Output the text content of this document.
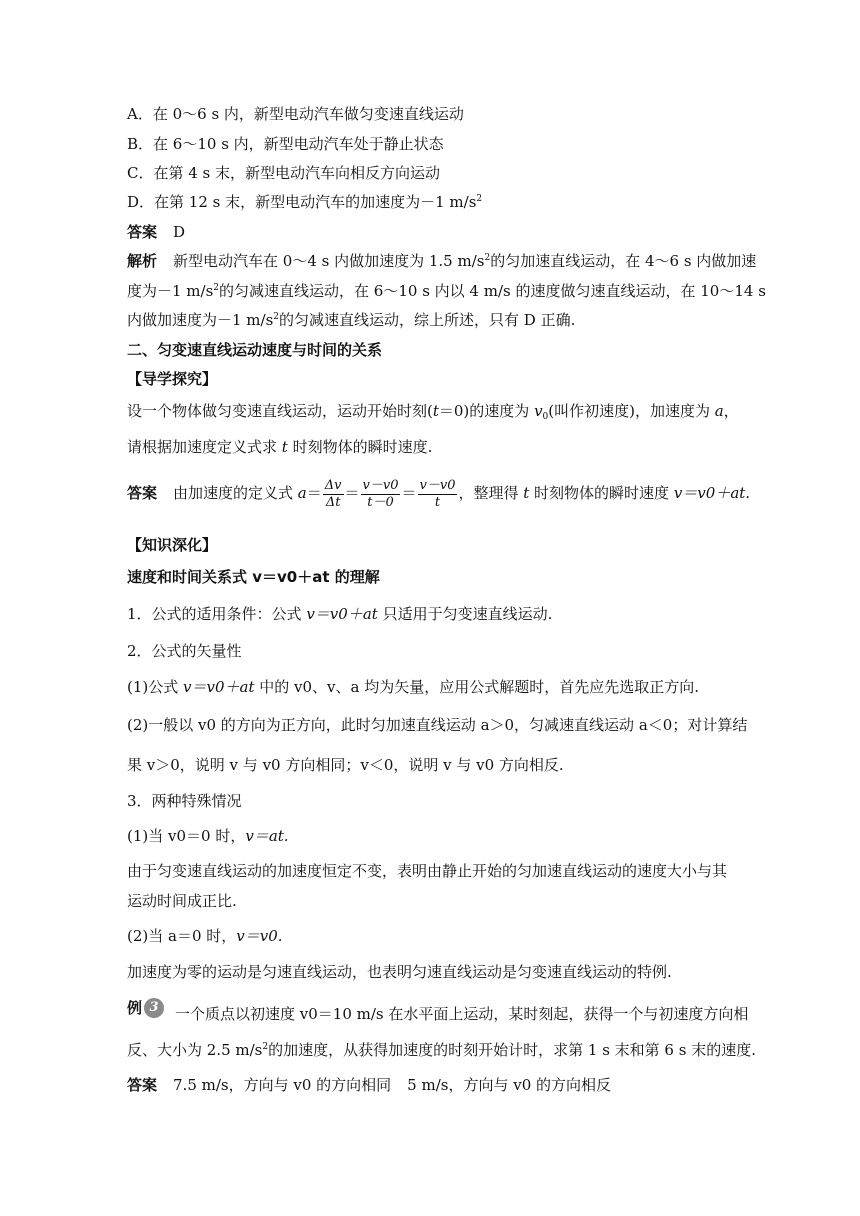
A．在 0～6 s 内，新型电动汽车做匀变速直线运动
B．在 6～10 s 内，新型电动汽车处于静止状态
C．在第 4 s 末，新型电动汽车向相反方向运动
D．在第 12 s 末，新型电动汽车的加速度为－1 $m/s^2$
答案 D
解析 新型电动汽车在 0～4 s 内做加速度为 1.5 $m/s^2$的匀加速直线运动，在 4～6 s 内做加速
度为－1 $m/s^2$的匀减速直线运动，在 6～10 s 内以 4 m/s 的速度做匀速直线运动，在 10～14 s
内做加速度为－1 $m/s^2$的匀减速直线运动，综上所述，只有 D 正确.
二、匀变速直线运动速度与时间的关系
【导学探究】
设一个物体做匀变速直线运动，运动开始时刻(t＝0)的速度为 $v_0$(叫作初速度)，加速度为 a，
请根据加速度定义式求 t 时刻物体的瞬时速度.
答案 由加速度的定义式 $a= \frac{\Delta v}{\Delta t} = \frac{v-v0}{t-0} = \frac{v-v0}{t}$ ，整理得 t 时刻物体的瞬时速度 v＝v0＋at.
【知识深化】
速度和时间关系式 v＝v0＋at 的理解
1．公式的适用条件：公式 v＝v0＋at 只适用于匀变速直线运动.
2．公式的矢量性
(1)公式 v＝v0＋at 中的 v0、v、a 均为矢量，应用公式解题时，首先应先选取正方向.
(2)一般以 v0 的方向为正方向，此时匀加速直线运动 a＞0，匀减速直线运动 a＜0；对计算结
果 v＞0，说明 v 与 v0 方向相同；v＜0，说明 v 与 v0 方向相反.
3．两种特殊情况
(1)当 v0＝0 时，v＝at.
由于匀变速直线运动的加速度恒定不变，表明由静止开始的匀加速直线运动的速度大小与其
运动时间成正比.
(2)当 a＝0 时，v＝v0.
加速度为零的运动是匀速直线运动，也表明匀速直线运动是匀变速直线运动的特例.
例 3	一个质点以初速度 v0＝10 m/s 在水平面上运动，某时刻起，获得一个与初速度方向相
反、大小为 2.5 $m/s^2$的加速度，从获得加速度的时刻开始计时，求第 1 s 末和第 6 s 末的速度.
答案 7.5 m/s，方向与 v0 的方向相同 5 m/s，方向与 v0 的方向相反
